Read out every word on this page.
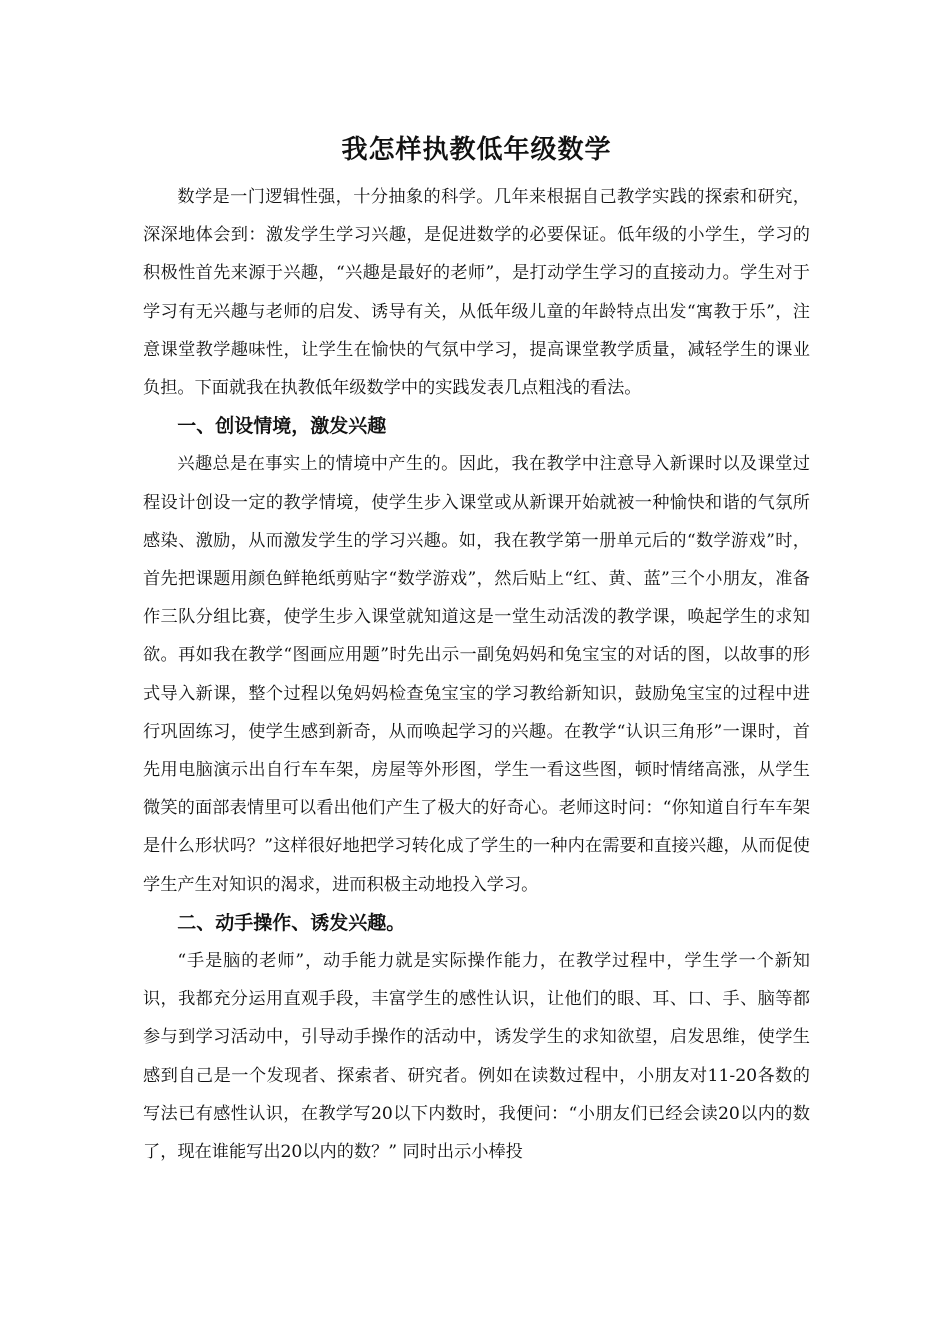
我怎样执教低年级数学

数学是一门逻辑性强，十分抽象的科学。几年来根据自己教学实践的探索和研究，深深地体会到：激发学生学习兴趣，是促进数学的必要保证。低年级的小学生，学习的积极性首先来源于兴趣，“兴趣是最好的老师”，是打动学生学习的直接动力。学生对于学习有无兴趣与老师的启发、诱导有关，从低年级儿童的年龄特点出发“寓教于乐”，注意课堂教学趣味性，让学生在愉快的气氛中学习，提高课堂教学质量，减轻学生的课业负担。下面就我在执教低年级数学中的实践发表几点粗浅的看法。

一、创设情境，激发兴趣

兴趣总是在事实上的情境中产生的。因此，我在教学中注意导入新课时以及课堂过程设计创设一定的教学情境，使学生步入课堂或从新课开始就被一种愉快和谐的气氛所感染、激励，从而激发学生的学习兴趣。如，我在教学第一册单元后的“数学游戏”时，首先把课题用颜色鲜艳纸剪贴字“数学游戏”，然后贴上“红、黄、蓝”三个小朋友，准备作三队分组比赛，使学生步入课堂就知道这是一堂生动活泼的教学课，唤起学生的求知欲。再如我在教学“图画应用题”时先出示一副兔妈妈和兔宝宝的对话的图，以故事的形式导入新课，整个过程以兔妈妈检查兔宝宝的学习教给新知识，鼓励兔宝宝的过程中进行巩固练习，使学生感到新奇，从而唤起学习的兴趣。在教学“认识三角形”一课时，首先用电脑演示出自行车车架，房屋等外形图，学生一看这些图，顿时情绪高涨，从学生微笑的面部表情里可以看出他们产生了极大的好奇心。老师这时问：“你知道自行车车架是什么形状吗？”这样很好地把学习转化成了学生的一种内在需要和直接兴趣，从而促使学生产生对知识的渴求，进而积极主动地投入学习。

二、动手操作、诱发兴趣。

“手是脑的老师”，动手能力就是实际操作能力，在教学过程中，学生学一个新知识，我都充分运用直观手段，丰富学生的感性认识，让他们的眼、耳、口、手、脑等都参与到学习活动中，引导动手操作的活动中，诱发学生的求知欲望，启发思维，使学生感到自己是一个发现者、探索者、研究者。例如在读数过程中，小朋友对11-20各数的写法已有感性认识，在教学写20以下内数时，我便问：“小朋友们已经会读20以内的数了，现在谁能写出20以内的数？” 同时出示小棒投
